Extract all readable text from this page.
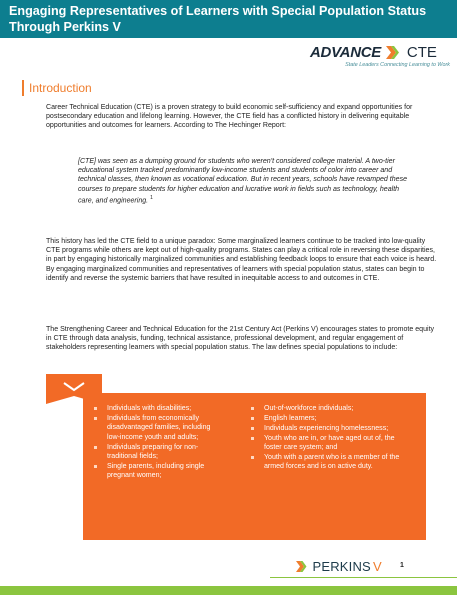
Engaging Representatives of Learners with Special Population Status Through Perkins V
ADVANCE CTE
State Leaders Connecting Learning to Work
Introduction

Career Technical Education (CTE) is a proven strategy to build economic self-sufficiency and expand opportunities for postsecondary education and lifelong learning. However, the CTE field has a conflicted history in delivering equitable opportunities and outcomes for learners. According to The Hechinger Report:

[CTE] was seen as a dumping ground for students who weren't considered college material. A two-tier educational system tracked predominantly low-income students and students of color into career and technical classes, then known as vocational education. But in recent years, schools have revamped these courses to prepare students for higher education and lucrative work in fields such as technology, health care, and engineering. $^1$

This history has led the CTE field to a unique paradox: Some marginalized learners continue to be tracked into low-quality CTE programs while others are kept out of high-quality programs. States can play a critical role in reversing these disparities, in part by engaging historically marginalized communities and establishing feedback loops to ensure that each voice is heard. By engaging marginalized communities and representatives of learners with special population status, states can begin to identify and reverse the systemic barriers that have resulted in inequitable access to and outcomes in CTE.

The Strengthening Career and Technical Education for the 21st Century Act (Perkins V) encourages states to promote equity in CTE through data analysis, funding, technical assistance, professional development, and regular engagement of stakeholders representing learners with special population status. The law defines special populations to include:

Individuals with disabilities;
Individuals from economically disadvantaged families, including low-income youth and adults;
Individuals preparing for non-traditional fields;
Single parents, including single pregnant women;
Out-of-workforce individuals;
English learners;
Individuals experiencing homelessness;
Youth who are in, or have aged out of, the foster care system; and
Youth with a parent who is a member of the armed forces and is on active duty.
PERKINS V	1
